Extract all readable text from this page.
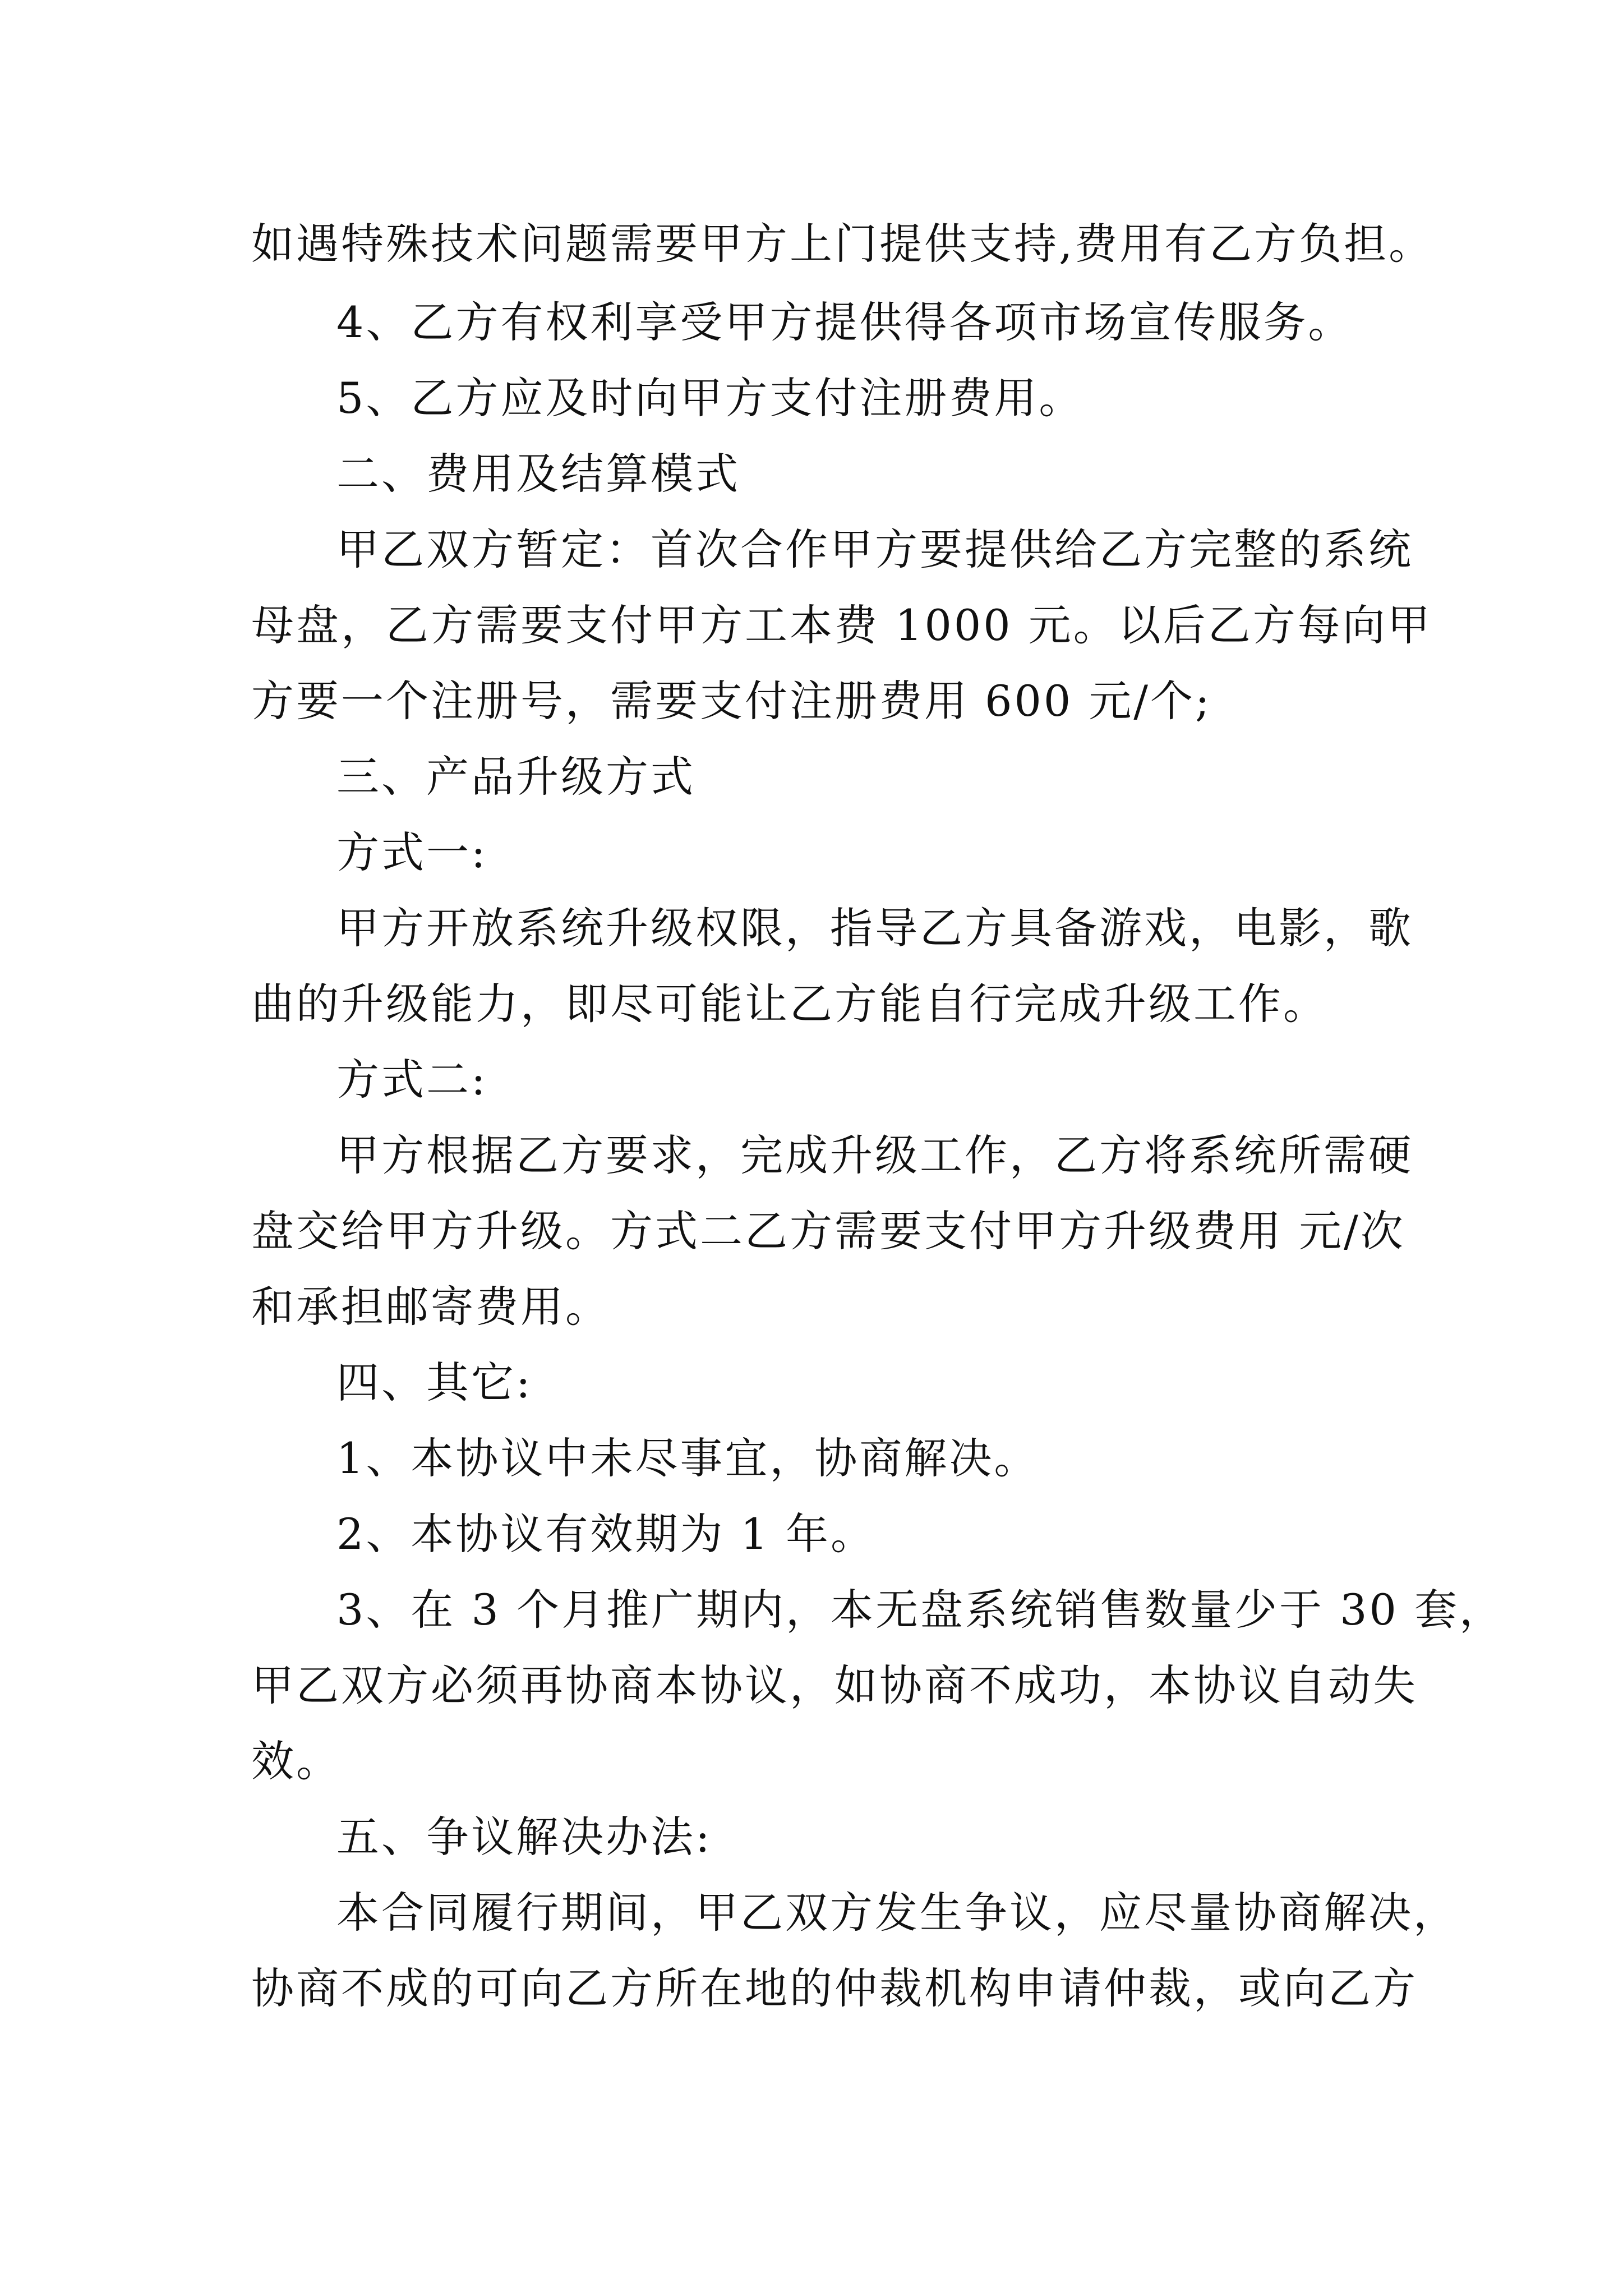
如遇特殊技术问题需要甲方上门提供支持,费用有乙方负担。
4、乙方有权利享受甲方提供得各项市场宣传服务。
5、乙方应及时向甲方支付注册费用。
二、费用及结算模式
甲乙双方暂定：首次合作甲方要提供给乙方完整的系统
母盘，乙方需要支付甲方工本费 1000 元。以后乙方每向甲
方要一个注册号，需要支付注册费用 600 元/个;
三、产品升级方式
方式一:
甲方开放系统升级权限，指导乙方具备游戏，电影，歌
曲的升级能力，即尽可能让乙方能自行完成升级工作。
方式二:
甲方根据乙方要求，完成升级工作，乙方将系统所需硬
盘交给甲方升级。方式二乙方需要支付甲方升级费用 元/次
和承担邮寄费用。
四、其它:
1、本协议中未尽事宜，协商解决。
2、本协议有效期为 1 年。
3、在 3 个月推广期内，本无盘系统销售数量少于 30 套，
甲乙双方必须再协商本协议，如协商不成功，本协议自动失
效。
五、争议解决办法:
本合同履行期间，甲乙双方发生争议，应尽量协商解决，
协商不成的可向乙方所在地的仲裁机构申请仲裁，或向乙方
